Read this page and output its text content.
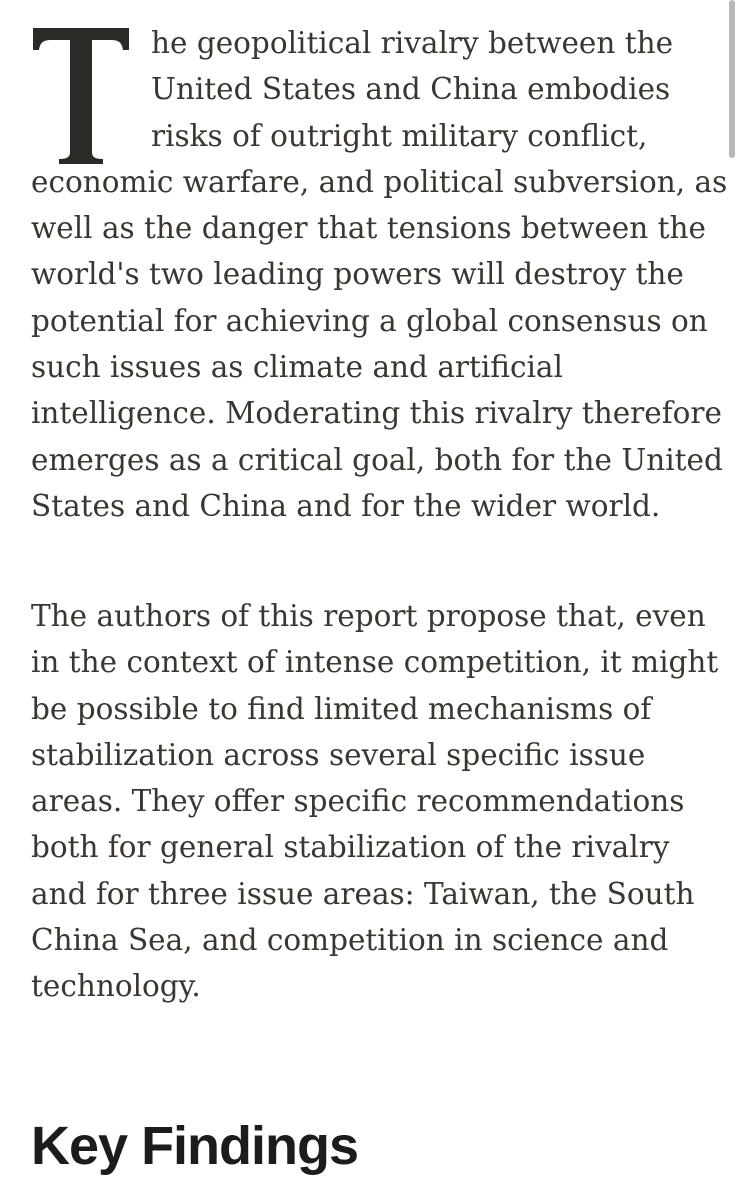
he geopolitical rivalry between the
United States and China embodies
risks of outright military conflict,
economic warfare, and political subversion, as
well as the danger that tensions between the
world's two leading powers will destroy the
potential for achieving a global consensus on
such issues as climate and artificial
intelligence. Moderating this rivalry therefore
emerges as a critical goal, both for the United
States and China and for the wider world.
The authors of this report propose that, even
in the context of intense competition, it might
be possible to find limited mechanisms of
stabilization across several specific issue
areas. They offer specific recommendations
both for general stabilization of the rivalry
and for three issue areas: Taiwan, the South
China Sea, and competition in science and
technology.
Key Findings
